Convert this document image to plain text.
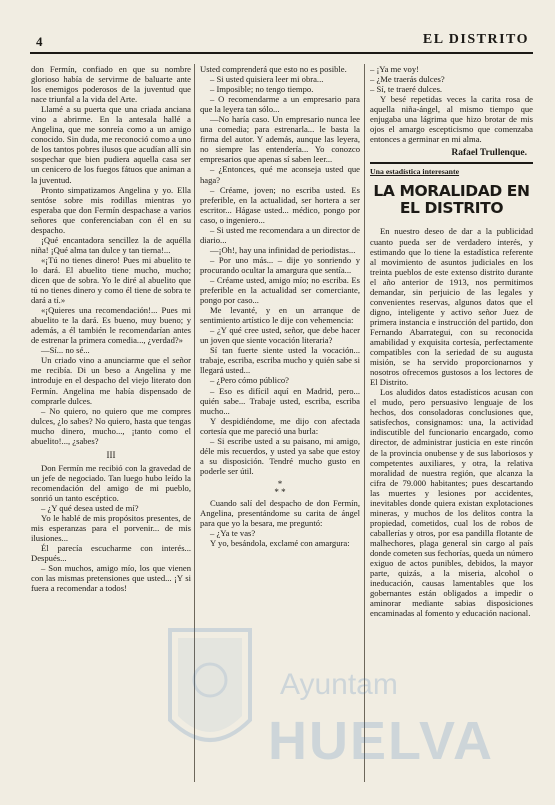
4	EL DISTRITO

don Fermín, confiado en que su nombre glorioso había de servirme de baluarte ante los enemigos poderosos de la juventud que nace triunfal a la vida del Arte.

Llamé a su puerta que una criada anciana vino a abrirme. En la antesala hallé a Angelina, que me sonreía como a un amigo conocido. Sin duda, me reconoció como a uno de los tantos pobres ilusos que acudían allí sin sospechar que bien pudiera aquella casa ser un cenicero de los fuegos fátuos que animan a la juventud.

Pronto simpatizamos Angelina y yo. Ella sentóse sobre mis rodillas mientras yo esperaba que don Fermín despachase a varios señores que conferenciaban con él en su despacho.

¡Qué encantadora sencillez la de aquélla niña! ¡Qué alma tan dulce y tan tierna!...

«¡Tú no tienes dinero! Pues mi abuelito te lo dará. El abuelito tiene mucho, mucho; dicen que de sobra. Yo le diré al abuelito que tú no tienes dinero y como él tiene de sobra te dará a tí.»

«¡Quieres una recomendación!... Pues mi abuelito te la dará. Es bueno, muy bueno; y además, a él también le recomendarían antes de estrenar la primera comedia..., ¿verdad?»

—Sí... no sé...

Un criado vino a anunciarme que el señor me recibía. Di un beso a Angelina y me introduje en el despacho del viejo literato don Fermín. Angelina me había dispensado de comprarle dulces.

– No quiero, no quiero que me compres dulces, ¿lo sabes? No quiero, hasta que tengas mucho dinero, mucho..., ¡tanto como el abuelito!..., ¿sabes?

III

Don Fermín me recibió con la gravedad de un jefe de negociado. Tan luego hubo leído la recomendación del amigo de mi pueblo, sonrió un tanto escéptico.

– ¿Y qué desea usted de mí?

Yo le hablé de mis propósitos presentes, de mis esperanzas para el porvenir... de mis ilusiones...

Él parecía escucharme con interés... Después...

– Son muchos, amigo mío, los que vienen con las mismas pretensiones que usted... ¡Y si fuera a recomendar a todos!

Usted comprenderá que esto no es posible.

– Si usted quisiera leer mi obra...

– Imposible; no tengo tiempo.

– O recomendarme a un empresario para que la leyera tan sólo...

—No haría caso. Un empresario nunca lee una comedia; para estrenarla... le basta la firma del autor. Y además, aunque las leyera, no siempre las entendería... Yo conozco empresarios que apenas sí saben leer...

– ¿Entonces, qué me aconseja usted que haga?

– Créame, joven; no escriba usted. Es preferible, en la actualidad, ser hortera a ser escritor... Hágase usted... médico, pongo por caso, o ingeniero...

– Si usted me recomendara a un director de diario...

—¡Oh!, hay una infinidad de periodistas...

– Por uno más... – dije yo sonriendo y procurando ocultar la amargura que sentía...

– Créame usted, amigo mío; no escriba. Es preferible en la actualidad ser comerciante, pongo por caso...

Me levanté, y en un arranque de sentimiento artístico le dije con vehemencia:

– ¿Y qué cree usted, señor, que debe hacer un joven que siente vocación literaria?

Sí tan fuerte siente usted la vocación... trabaje, escriba, escriba mucho y quién sabe si llegará usted...

– ¿Pero cómo público?

– Eso es difícil aquí en Madrid, pero... quién sabe... Trabaje usted, escriba, escriba mucho...

Y despidiéndome, me dijo con afectada cortesía que me pareció una burla:

– Si escribe usted a su paisano, mi amigo, déle mis recuerdos, y usted ya sabe que estoy a su disposición. Tendré mucho gusto en poderle ser útil.

*
* *

Cuando salí del despacho de don Fermín, Angelina, presentándome su carita de ángel para que yo la besara, me preguntó:

– ¿Ya te vas?

Y yo, besándola, exclamé con amargura:

– ¡Ya me voy!

– ¿Me traerás dulces?

– Sí, te traeré dulces.

Y besé repetidas veces la carita rosa de aquella niña-ángel, al mismo tiempo que enjugaba una lágrima que hizo brotar de mis ojos el amargo escepticismo que comenzaba entonces a germinar en mi alma.

Rafael Trullenque.
Una estadística interesante
LA MORALIDAD EN EL DISTRITO

En nuestro deseo de dar a la publicidad cuanto pueda ser de verdadero interés, y estimando que lo tiene la estadística referente al movimiento de asuntos judiciales en los treinta pueblos de este extenso distrito durante el año anterior de 1913, nos permitimos demandar, sin perjuicio de las legales y convenientes reservas, algunos datos que el digno, inteligente y activo señor Juez de primera instancia e instrucción del partido, don Fernando Abarrategui, con su reconocida amabilidad y exquisita cortesía, perfectamente compatibles con la seriedad de su augusta misión, se ha servido proporcionarnos y nosotros ofrecemos gustosos a los lectores de El Distrito.

Los aludidos datos estadísticos acusan con el mudo, pero persuasivo lenguaje de los hechos, dos consoladoras conclusiones que, satisfechos, consignamos: una, la actividad indiscutible del funcionario encargado, como director, de administrar justicia en este rincón de la provincia onubense y de sus laboriosos y competentes auxiliares, y otra, la relativa moralidad de nuestra región, que alcanza la cifra de 79.000 habitantes; pues descartando las muertes y lesiones por accidentes, inevitables donde quiera existan explotaciones mineras, y muchos de los delitos contra la propiedad, cometidos, cual los de robos de caballerías y otros, por esa pandilla flotante de malhechores, plaga general sin cargo al país donde cometen sus fechorías, queda un número exiguo de actos punibles, debidos, la mayor parte, quizás, a la miseria, alcohol o ineducación, causas lamentables que los gobernantes están obligados a impedir o aminorar mediante sabias disposiciones encaminadas al fomento y educación nacional.

Ayuntam
HUELVA
